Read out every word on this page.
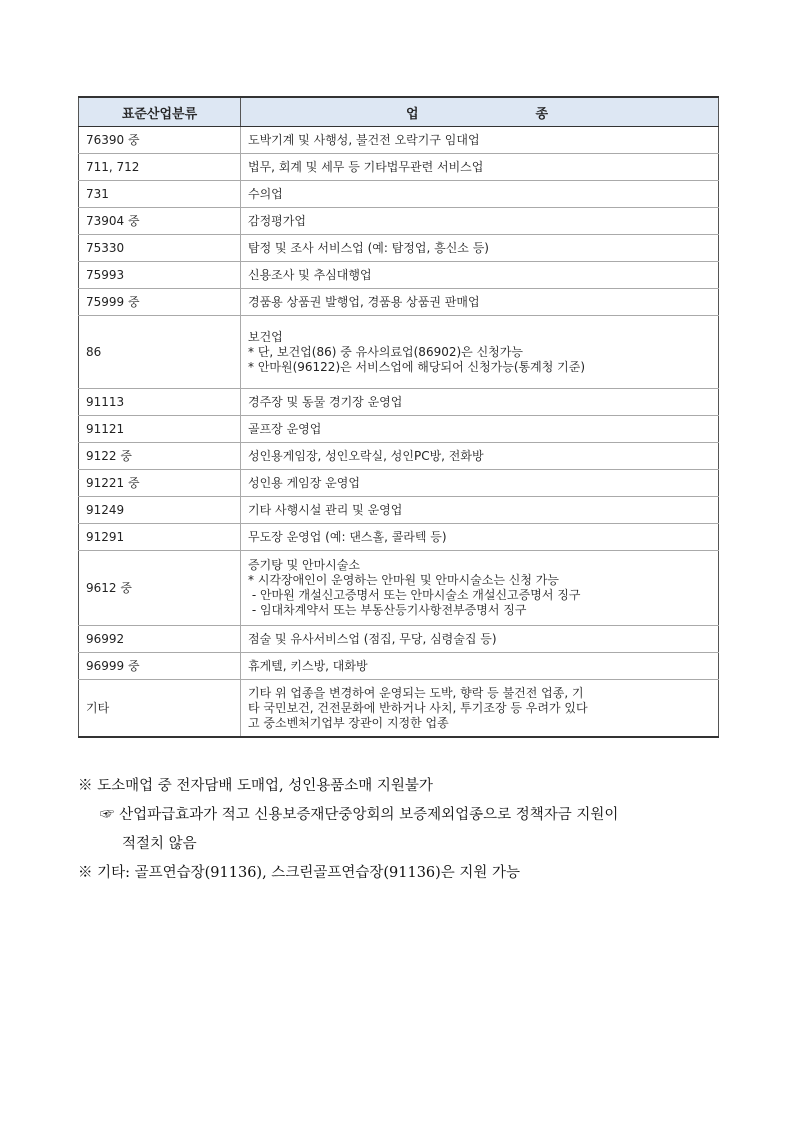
표준산업분류	업 종

76390 중	도박기계 및 사행성, 불건전 오락기구 임대업

711, 712	법무, 회계 및 세무 등 기타법무관련 서비스업

731	수의업

73904 중	감정평가업

75330	탐정 및 조사 서비스업 (예: 탐정업, 흥신소 등)

75993	신용조사 및 추심대행업

75999 중	경품용 상품권 발행업, 경품용 상품권 판매업

86	보건업
* 단, 보건업(86) 중 유사의료업(86902)은 신청가능
* 안마원(96122)은 서비스업에 해당되어 신청가능(통계청 기준)

91113	경주장 및 동물 경기장 운영업

91121	골프장 운영업

9122 중	성인용게임장, 성인오락실, 성인PC방, 전화방

91221 중	성인용 게임장 운영업

91249	기타 사행시설 관리 및 운영업

91291	무도장 운영업 (예: 댄스홀, 콜라텍 등)

9612 중	증기탕 및 안마시술소
* 시각장애인이 운영하는 안마원 및 안마시술소는 신청 가능
- 안마원 개설신고증명서 또는 안마시술소 개설신고증명서 징구
- 임대차계약서 또는 부동산등기사항전부증명서 징구

96992	점술 및 유사서비스업 (점집, 무당, 심령술집 등)

96999 중	휴게텔, 키스방, 대화방

기타	기타 위 업종을 변경하여 운영되는 도박, 향락 등 불건전 업종, 기
타 국민보건, 건전문화에 반하거나 사치, 투기조장 등 우려가 있다
고 중소벤처기업부 장관이 지정한 업종
※ 도소매업 중 전자담배 도매업, 성인용품소매 지원불가
☞ 산업파급효과가 적고 신용보증재단중앙회의 보증제외업종으로 정책자금 지원이
적절치 않음
※ 기타: 골프연습장(91136), 스크린골프연습장(91136)은 지원 가능
